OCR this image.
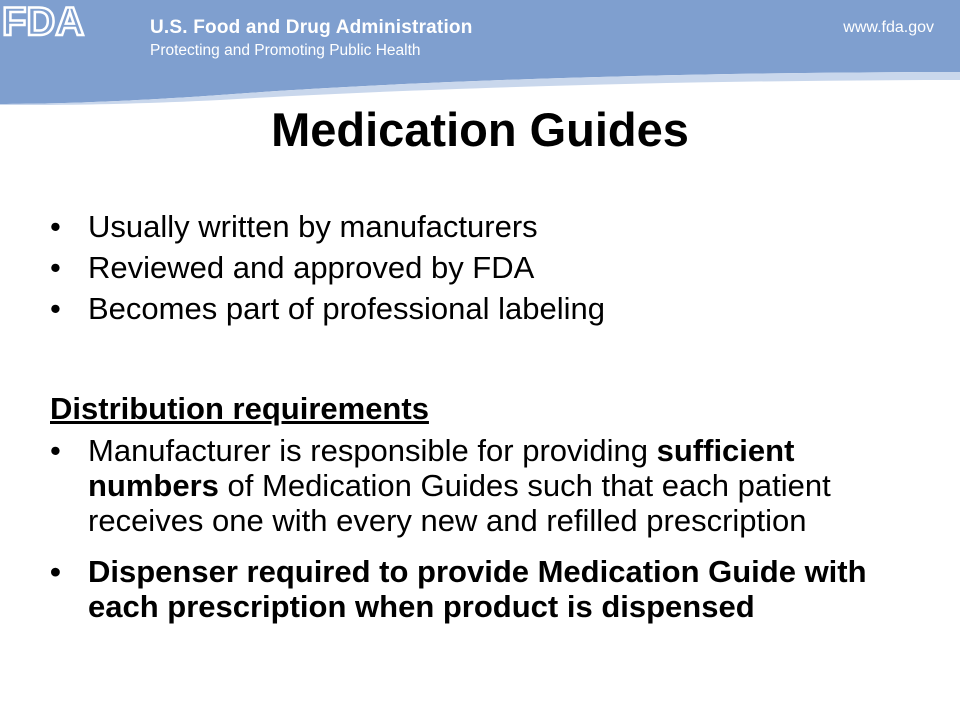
FDA	U.S. Food and Drug Administration
Protecting and Promoting Public Health
www.fda.gov
Medication Guides
• Usually written by manufacturers
• Reviewed and approved by FDA
• Becomes part of professional labeling
Distribution requirements
• Manufacturer is responsible for providing sufficient numbers of Medication Guides such that each patient receives one with every new and refilled prescription
• Dispenser required to provide Medication Guide with each prescription when product is dispensed
